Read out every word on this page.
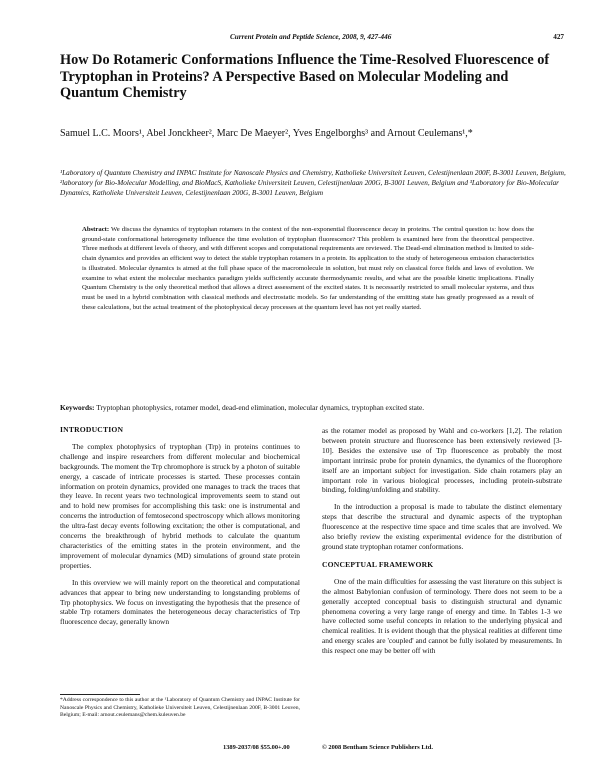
Current Protein and Peptide Science, 2008, 9, 427-446	427
How Do Rotameric Conformations Influence the Time-Resolved Fluorescence of Tryptophan in Proteins? A Perspective Based on Molecular Modeling and Quantum Chemistry
Samuel L.C. Moors¹, Abel Jonckheer², Marc De Maeyer², Yves Engelborghs³ and Arnout Ceulemans¹,*
¹Laboratory of Quantum Chemistry and INPAC Institute for Nanoscale Physics and Chemistry, Katholieke Universiteit Leuven, Celestijnenlaan 200F, B-3001 Leuven, Belgium, ²laboratory for Bio-Molecular Modelling, and BioMacS, Katholieke Universiteit Leuven, Celestijnenlaan 200G, B-3001 Leuven, Belgium and ³Laboratory for Bio-Molecular Dynamics, Katholieke Universiteit Leuven, Celestijnenlaan 200G, B-3001 Leuven, Belgium
Abstract: We discuss the dynamics of tryptophan rotamers in the context of the non-exponential fluorescence decay in proteins. The central question is: how does the ground-state conformational heterogeneity influence the time evolution of tryptophan fluorescence? This problem is examined here from the theoretical perspective. Three methods at different levels of theory, and with different scopes and computational requirements are reviewed. The Dead-end elimination method is limited to side-chain dynamics and provides an efficient way to detect the stable tryptophan rotamers in a protein. Its application to the study of heterogeneous emission characteristics is illustrated. Molecular dynamics is aimed at the full phase space of the macromolecule in solution, but must rely on classical force fields and laws of evolution. We examine to what extent the molecular mechanics paradigm yields sufficiently accurate thermodynamic results, and what are the possible kinetic implications. Finally Quantum Chemistry is the only theoretical method that allows a direct assessment of the excited states. It is necessarily restricted to small molecular systems, and thus must be used in a hybrid combination with classical methods and electrostatic models. So far understanding of the emitting state has greatly progressed as a result of these calculations, but the actual treatment of the photophysical decay processes at the quantum level has not yet really started.
Keywords: Tryptophan photophysics, rotamer model, dead-end elimination, molecular dynamics, tryptophan excited state.
INTRODUCTION

The complex photophysics of tryptophan (Trp) in proteins continues to challenge and inspire researchers from different molecular and biochemical backgrounds. The moment the Trp chromophore is struck by a photon of suitable energy, a cascade of intricate processes is started. These processes contain information on protein dynamics, provided one manages to track the traces that they leave. In recent years two technological improvements seem to stand out and to hold new promises for accomplishing this task: one is instrumental and concerns the introduction of femtosecond spectroscopy which allows monitoring the ultra-fast decay events following excitation; the other is computational, and concerns the breakthrough of hybrid methods to calculate the quantum characteristics of the emitting states in the protein environment, and the improvement of molecular dynamics (MD) simulations of ground state protein properties.

In this overview we will mainly report on the theoretical and computational advances that appear to bring new understanding to longstanding problems of Trp photophysics. We focus on investigating the hypothesis that the presence of stable Trp rotamers dominates the heterogeneous decay characteristics of Trp fluorescence decay, generally known

as the rotamer model as proposed by Wahl and co-workers [1,2]. The relation between protein structure and fluorescence has been extensively reviewed [3-10]. Besides the extensive use of Trp fluorescence as probably the most important intrinsic probe for protein dynamics, the dynamics of the fluorophore itself are an important subject for investigation. Side chain rotamers play an important role in various biological processes, including protein-substrate binding, folding/unfolding and stability.

In the introduction a proposal is made to tabulate the distinct elementary steps that describe the structural and dynamic aspects of the tryptophan fluorescence at the respective time space and time scales that are involved. We also briefly review the existing experimental evidence for the distribution of ground state tryptophan rotamer conformations.

CONCEPTUAL FRAMEWORK

One of the main difficulties for assessing the vast literature on this subject is the almost Babylonian confusion of terminology. There does not seem to be a generally accepted conceptual basis to distinguish structural and dynamic phenomena covering a very large range of energy and time. In Tables 1-3 we have collected some useful concepts in relation to the underlying physical and chemical realities. It is evident though that the physical realities at different time and energy scales are 'coupled' and cannot be fully isolated by measurements. In this respect one may be better off with

*Address correspondence to this author at the ¹Laboratory of Quantum Chemistry and INPAC Institute for Nanoscale Physics and Chemistry, Katholieke Universiteit Leuven, Celestijnenlaan 200F, B-3001 Leuven, Belgium; E-mail: arnout.ceulemans@chem.kuleuven.be
1389-2037/08 $55.00+.00	© 2008 Bentham Science Publishers Ltd.
